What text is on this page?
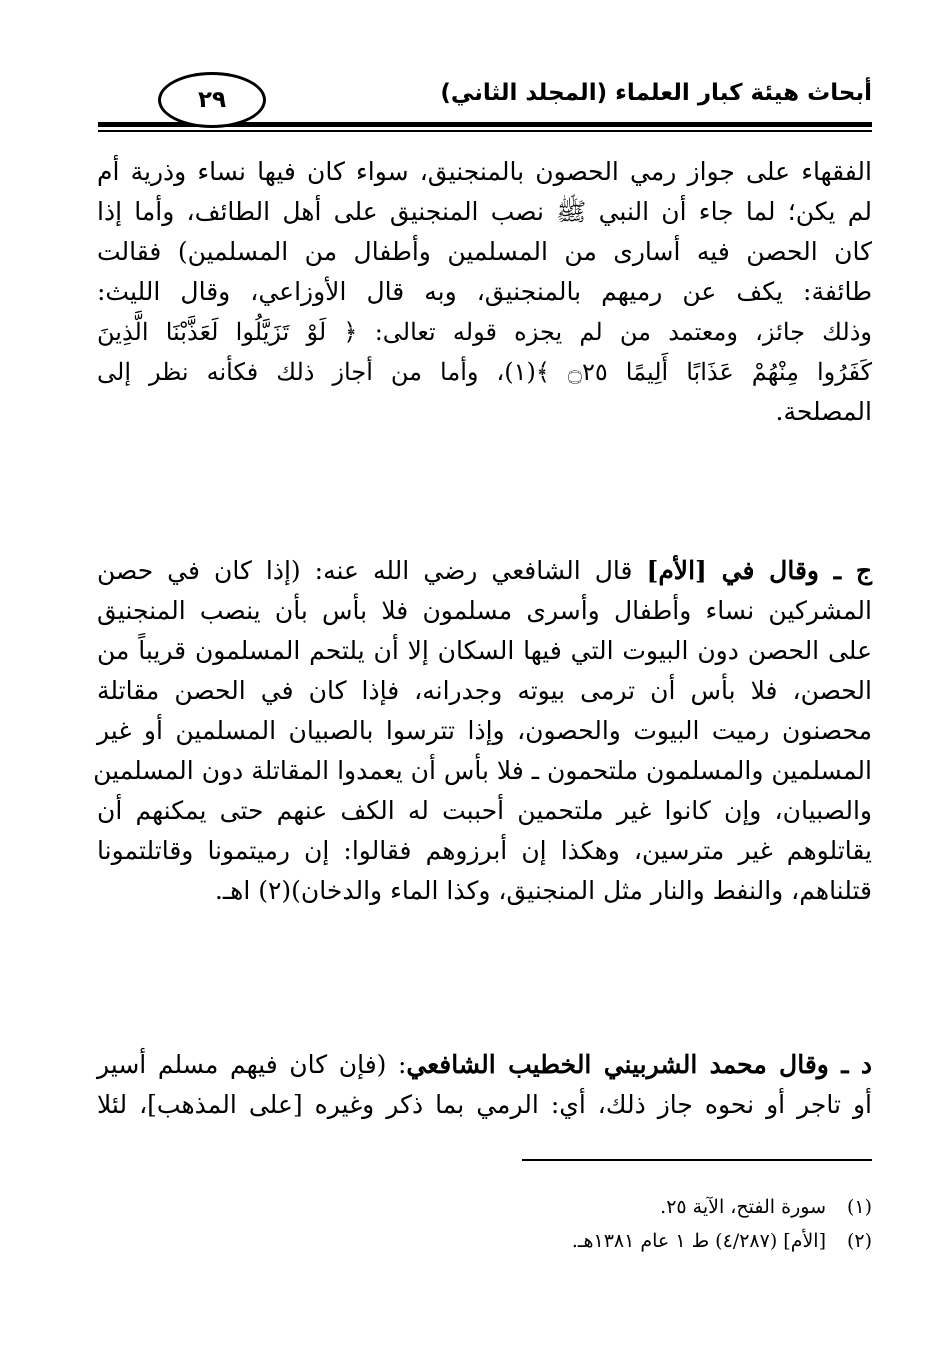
أبحاث هيئة كبار العلماء (المجلد الثاني)
٢٩
الفقهاء على جواز رمي الحصون بالمنجنيق، سواء كان فيها نساء وذرية أم
لم يكن؛ لما جاء أن النبي ﷺ نصب المنجنيق على أهل الطائف، وأما إذا
كان الحصن فيه أسارى من المسلمين وأطفال من المسلمين) فقالت
طائفة: يكف عن رميهم بالمنجنيق، وبه قال الأوزاعي، وقال الليث:
وذلك جائز، ومعتمد من لم يجزه قوله تعالى: ﴿ لَوْ تَزَيَّلُوا لَعَذَّبْنَا الَّذِينَ
كَفَرُوا مِنْهُمْ عَذَابًا أَلِيمًا ۝٢٥ ﴾(١)، وأما من أجاز ذلك فكأنه نظر إلى
المصلحة.
ج ـ وقال في [الأم] قال الشافعي رضي الله عنه: (إذا كان في حصن
المشركين نساء وأطفال وأسرى مسلمون فلا بأس بأن ينصب المنجنيق
على الحصن دون البيوت التي فيها السكان إلا أن يلتحم المسلمون قريباً من
الحصن، فلا بأس أن ترمى بيوته وجدرانه، فإذا كان في الحصن مقاتلة
محصنون رميت البيوت والحصون، وإذا تترسوا بالصبيان المسلمين أو غير
المسلمين والمسلمون ملتحمون ـ فلا بأس أن يعمدوا المقاتلة دون المسلمين
والصبيان، وإن كانوا غير ملتحمين أحببت له الكف عنهم حتى يمكنهم أن
يقاتلوهم غير مترسين، وهكذا إن أبرزوهم فقالوا: إن رميتمونا وقاتلتمونا
قتلناهم، والنفط والنار مثل المنجنيق، وكذا الماء والدخان)(٢) اهـ.
د ـ وقال محمد الشربيني الخطيب الشافعي: (فإن كان فيهم مسلم أسير
أو تاجر أو نحوه جاز ذلك، أي: الرمي بما ذكر وغيره [على المذهب]، لئلا
(١)سورة الفتح، الآية ٢٥.
(٢)[الأم] (٤/٢٨٧) ط ١ عام ١٣٨١هـ.
